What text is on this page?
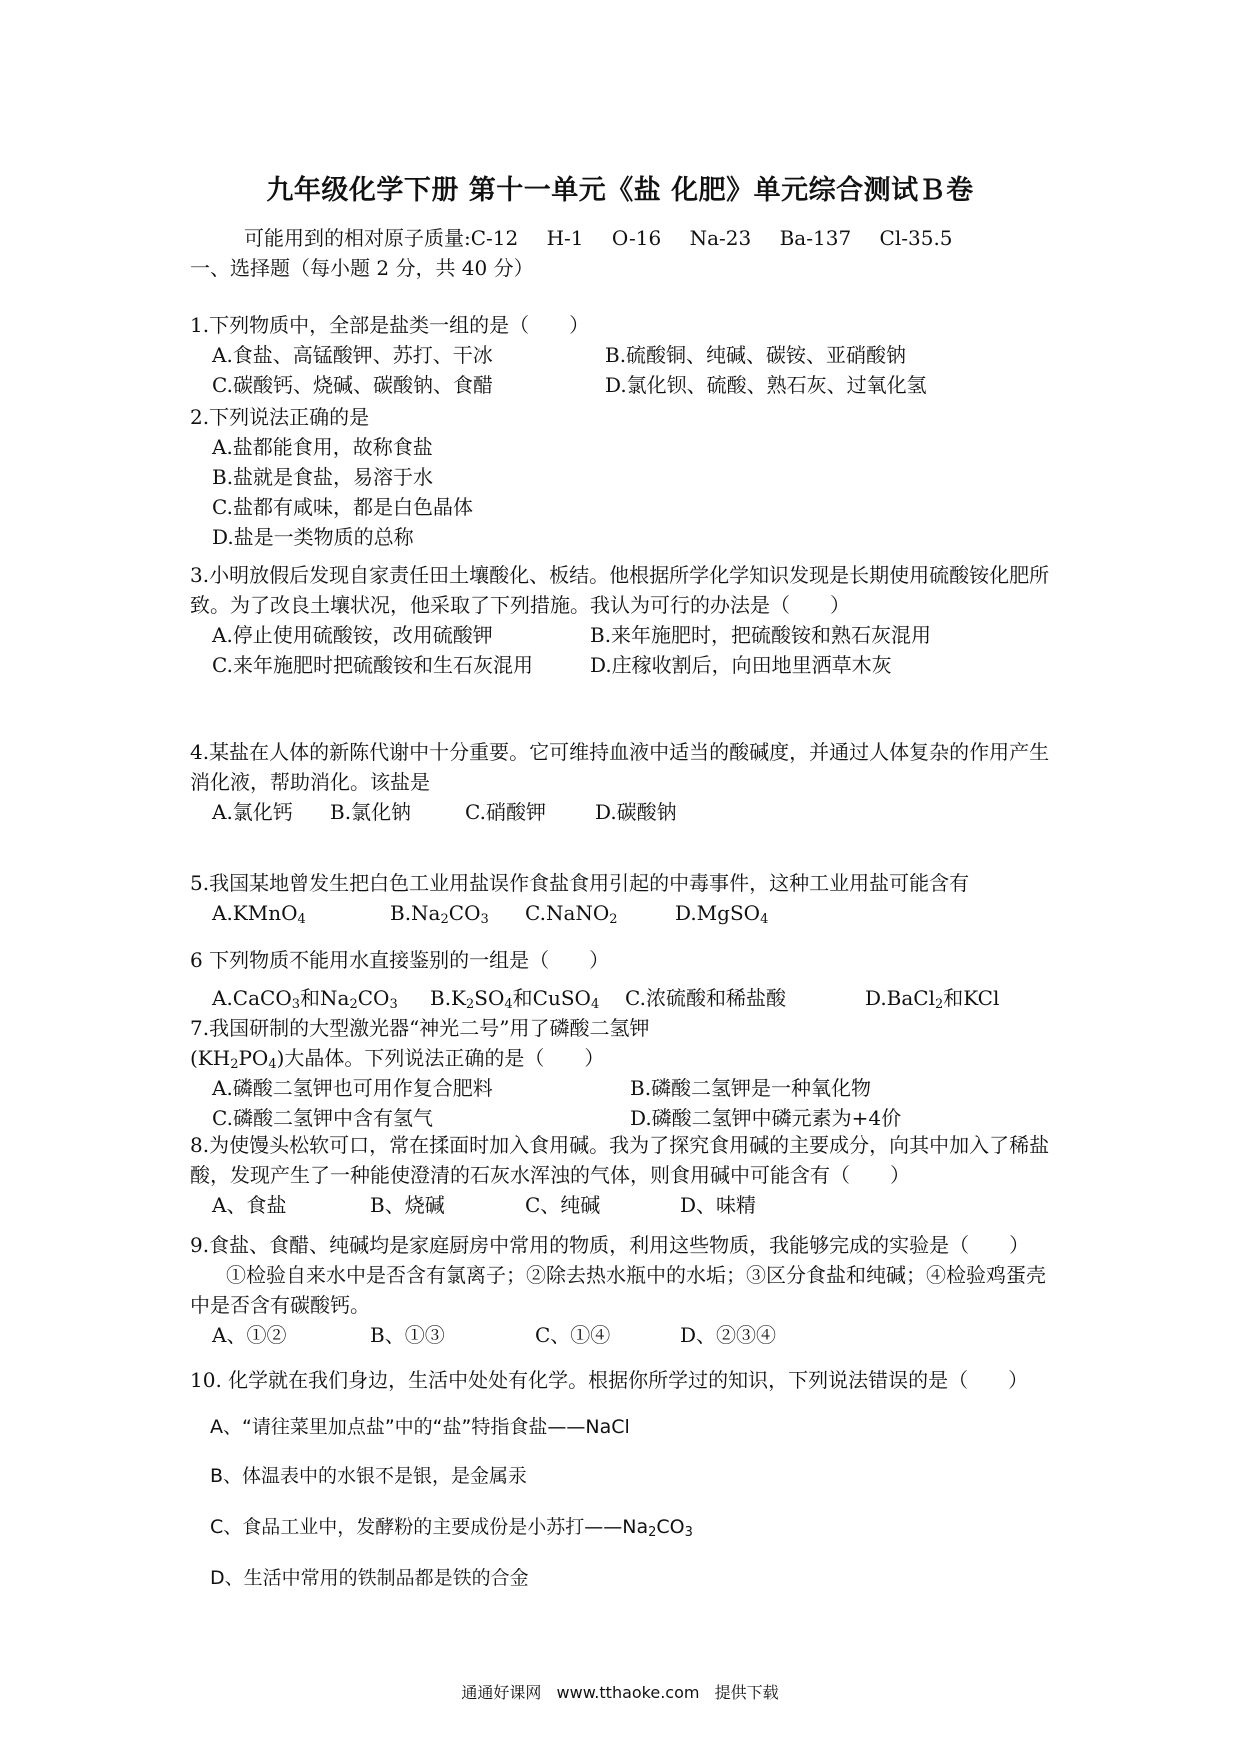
九年级化学下册 第十一单元《盐 化肥》单元综合测试Ｂ卷
可能用到的相对原子质量:C-12 H-1 O-16 Na-23 Ba-137 Cl-35.5
一、选择题（每小题 2 分，共 40 分）
1.下列物质中，全部是盐类一组的是（　　）
A.食盐、高锰酸钾、苏打、干冰	B.硫酸铜、纯碱、碳铵、亚硝酸钠
C.碳酸钙、烧碱、碳酸钠、食醋	D.氯化钡、硫酸、熟石灰、过氧化氢
2.下列说法正确的是
A.盐都能食用，故称食盐
B.盐就是食盐，易溶于水
C.盐都有咸味，都是白色晶体
D.盐是一类物质的总称
3.小明放假后发现自家责任田土壤酸化、板结。他根据所学化学知识发现是长期使用硫酸铵化肥所致。为了改良土壤状况，他采取了下列措施。我认为可行的办法是（　　）
A.停止使用硫酸铵，改用硫酸钾	B.来年施肥时，把硫酸铵和熟石灰混用
C.来年施肥时把硫酸铵和生石灰混用	D.庄稼收割后，向田地里洒草木灰
4.某盐在人体的新陈代谢中十分重要。它可维持血液中适当的酸碱度，并通过人体复杂的作用产生消化液，帮助消化。该盐是
A.氯化钙 B.氯化钠	C.硝酸钾 D.碳酸钠
5.我国某地曾发生把白色工业用盐误作食盐食用引起的中毒事件，这种工业用盐可能含有
A.KMnO$_4$	$B.Na_2CO_3$ C.NaNO$_2$	D.MgSO$_4$
6 下列物质不能用水直接鉴别的一组是（　　）
A.CaCO$_3$和$Na_2CO_3$ $B.K_2SO_4$和CuSO$_4$ C.浓硫酸和稀盐酸	D.BaCl$_2$和KCl
7.我国研制的大型激光器“神光二号”用了磷酸二氢钾$(KH_2PO_4)$大晶体。下列说法正确的是（　　）
A.磷酸二氢钾也可用作复合肥料	B.磷酸二氢钾是一种氧化物
C.磷酸二氢钾中含有氢气	D.磷酸二氢钾中磷元素为+4价
8.为使馒头松软可口，常在揉面时加入食用碱。我为了探究食用碱的主要成分，向其中加入了稀盐酸，发现产生了一种能使澄清的石灰水浑浊的气体，则食用碱中可能含有（　　）
A、食盐	B、烧碱	C、纯碱	D、味精
9.食盐、食醋、纯碱均是家庭厨房中常用的物质，利用这些物质，我能够完成的实验是（　　）
①检验自来水中是否含有氯离子；②除去热水瓶中的水垢；③区分食盐和纯碱；④检验鸡蛋壳中是否含有碳酸钙。
A、①②	B、①③	C、①④	D、②③④
10. 化学就在我们身边，生活中处处有化学。根据你所学过的知识，下列说法错误的是（　　）
A、“请往菜里加点盐”中的“盐”特指食盐——NaCl
B、体温表中的水银不是银，是金属汞
C、食品工业中，发酵粉的主要成份是小苏打$——Na_2CO_3$
D、生活中常用的铁制品都是铁的合金
通通好课网 www.tthaoke.com 提供下载
